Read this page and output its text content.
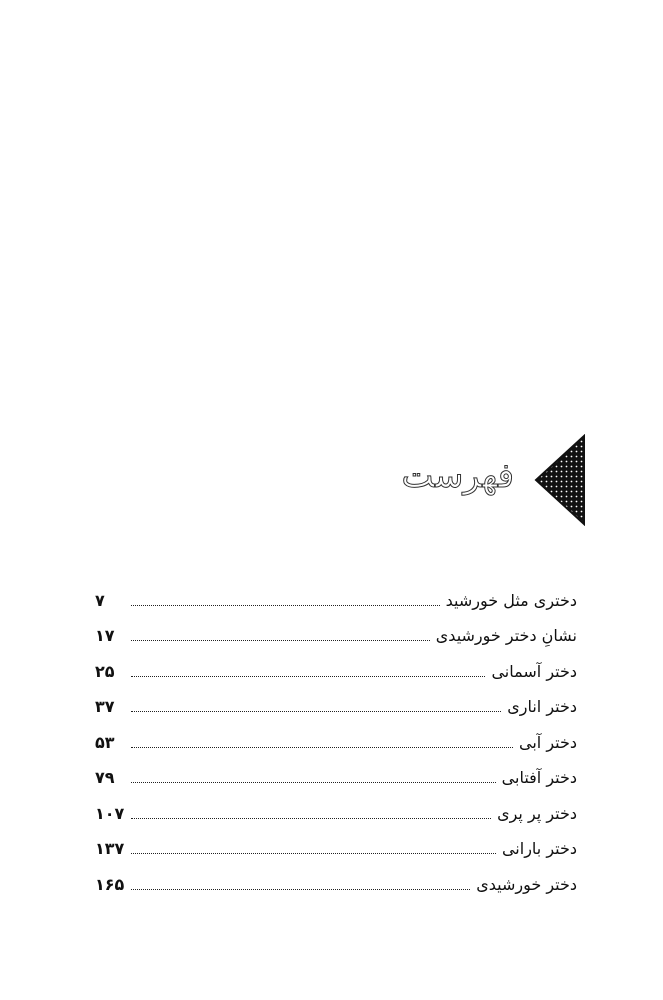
فهرست
دختری مثل خورشید
۷
نشانِ دختر خورشیدی
۱۷
دختر آسمانی
۲۵
دختر اناری
۳۷
دختر آبی
۵۳
دختر آفتابی
۷۹
دختر پر پری
۱۰۷
دختر بارانی
۱۳۷
دختر خورشیدی
۱۶۵
